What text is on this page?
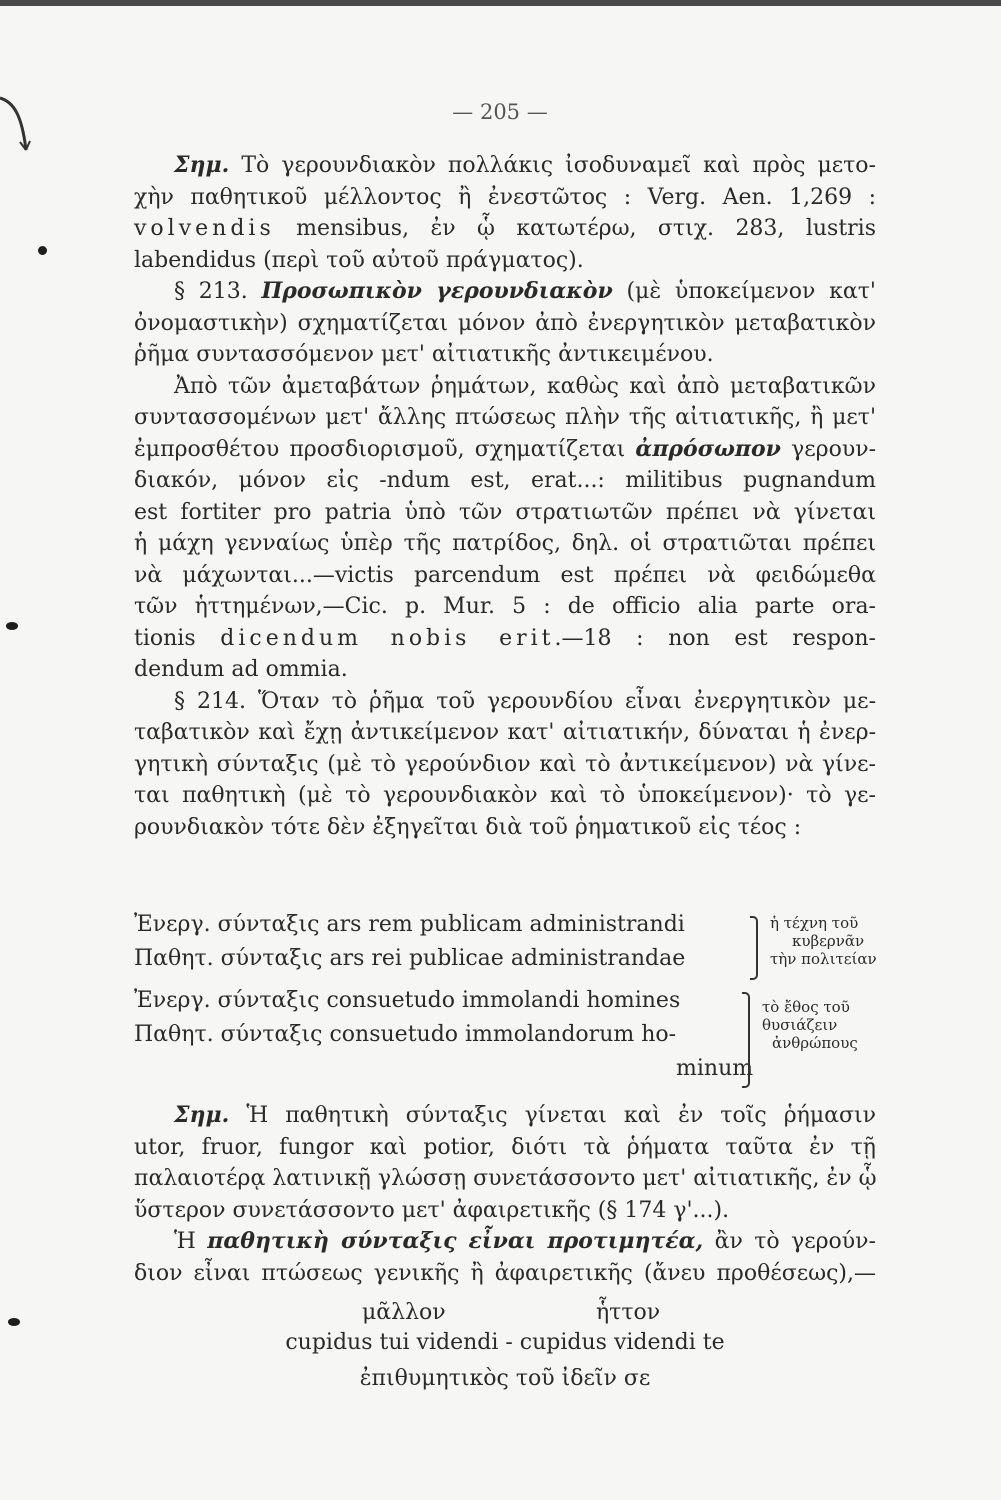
— 205 —
Σημ. Τὸ γερουνδιακὸν πολλάκις ἰσοδυναμεῖ καὶ πρὸς μετο-
χὴν παθητικοῦ μέλλοντος ἢ ἐνεστῶτος : Verg. Aen. 1,269 :
volvendis mensibus, ἐν ᾧ κατωτέρω, στιχ. 283, lustris
labendidus (περὶ τοῦ αὐτοῦ πράγματος).
§ 213. Προσωπικὸν γερουνδιακὸν (μὲ ὑποκείμενον κατ'
ὀνομαστικὴν) σχηματίζεται μόνον ἀπὸ ἐνεργητικὸν μεταβατικὸν
ῥῆμα συντασσόμενον μετ' αἰτιατικῆς ἀντικειμένου.
Ἀπὸ τῶν ἀμεταβάτων ῥημάτων, καθὼς καὶ ἀπὸ μεταβατικῶν
συντασσομένων μετ' ἄλλης πτώσεως πλὴν τῆς αἰτιατικῆς, ἢ μετ'
ἐμπροσθέτου προσδιορισμοῦ, σχηματίζεται ἀπρόσωπον γερουν-
διακόν, μόνον εἰς -ndum est, erat...: militibus pugnandum
est fortiter pro patria ὑπὸ τῶν στρατιωτῶν πρέπει νὰ γίνεται
ἡ μάχη γενναίως ὑπὲρ τῆς πατρίδος, δηλ. οἱ στρατιῶται πρέπει
νὰ μάχωνται...—victis parcendum est πρέπει νὰ φειδώμεθα
τῶν ἡττημένων,—Cic. p. Mur. 5 : de officio alia parte ora-
tionis dicendum nobis erit.—18 : non est respon-
dendum ad ommia.
§ 214. Ὅταν τὸ ῥῆμα τοῦ γερουνδίου εἶναι ἐνεργητικὸν με-
ταβατικὸν καὶ ἔχῃ ἀντικείμενον κατ' αἰτιατικήν, δύναται ἡ ἐνερ-
γητικὴ σύνταξις (μὲ τὸ γερούνδιον καὶ τὸ ἀντικείμενον) νὰ γίνε-
ται παθητικὴ (μὲ τὸ γερουνδιακὸν καὶ τὸ ὑποκείμενον)· τὸ γε-
ρουνδιακὸν τότε δὲν ἐξηγεῖται διὰ τοῦ ῥηματικοῦ εἰς τέος :
Ἐνεργ. σύνταξις ars rem publicam administrandi
Παθητ. σύνταξις ars rei publicae administrandae
ἡ τέχνη τοῦ
κυβερνᾶν
τὴν πολιτείαν
Ἐνεργ. σύνταξις consuetudo immolandi homines
Παθητ. σύνταξις consuetudo immolandorum ho-
minum
τὸ ἔθος τοῦ
θυσιάζειν
ἀνθρώπους
Σημ. Ἡ παθητικὴ σύνταξις γίνεται καὶ ἐν τοῖς ῥήμασιν
utor, fruor, fungor καὶ potior, διότι τὰ ῥήματα ταῦτα ἐν τῇ
παλαιοτέρᾳ λατινικῇ γλώσσῃ συνετάσσοντο μετ' αἰτιατικῆς, ἐν ᾧ
ὕστερον συνετάσσοντο μετ' ἀφαιρετικῆς (§ 174 γ'...).
Ἡ παθητικὴ σύνταξις εἶναι προτιμητέα, ἂν τὸ γερούν-
διον εἶναι πτώσεως γενικῆς ἢ ἀφαιρετικῆς (ἄνευ προθέσεως),—
μᾶλλον	ἧττον
cupidus tui videndi - cupidus videndi te
ἐπιθυμητικὸς τοῦ ἰδεῖν σε
